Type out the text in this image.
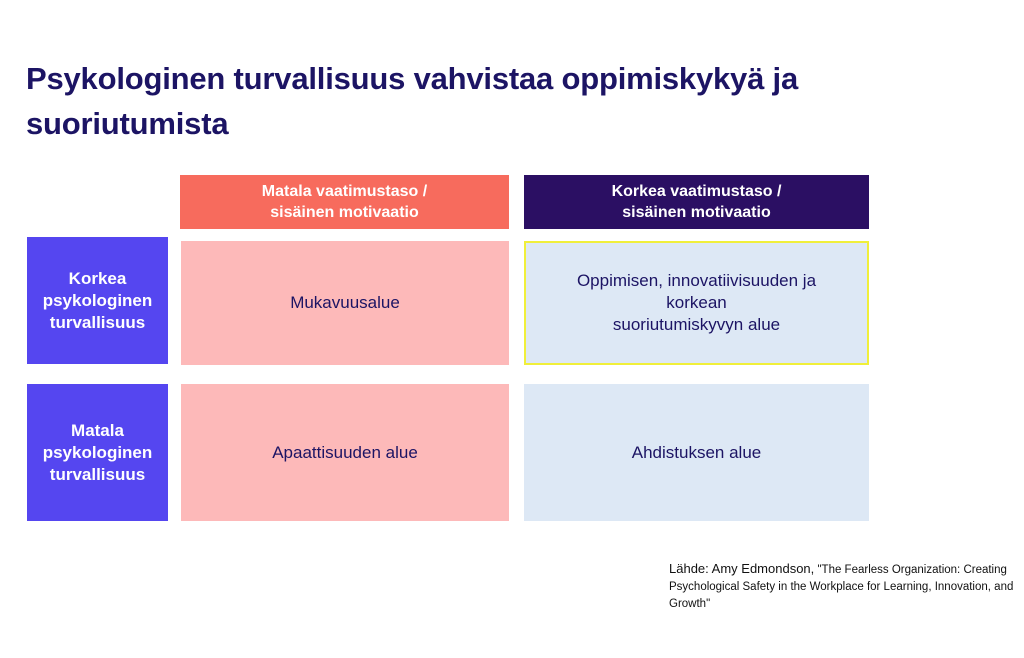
Psykologinen turvallisuus vahvistaa oppimiskykyä ja suoriutumista
Matala vaatimustaso /
sisäinen motivaatio
Korkea vaatimustaso /
sisäinen motivaatio
Korkea
psykologinen
turvallisuus
Matala
psykologinen
turvallisuus
Mukavuusalue
Oppimisen, innovatiivisuuden ja
korkean
suoriutumiskyvyn alue
Apaattisuuden alue	Ahdistuksen alue
Lähde: Amy Edmondson, "The Fearless Organization: Creating Psychological Safety in the Workplace for Learning, Innovation, and Growth"
